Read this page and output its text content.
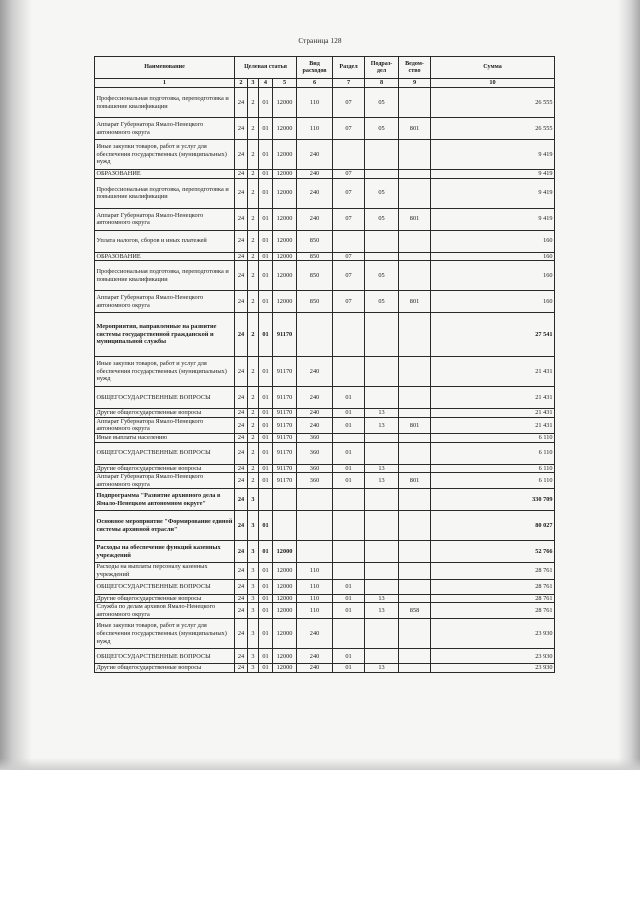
Страница 128
Наименование	Целевая статья				Вид расходов	Раздел	Подраз-дел	Ведом-ство	Сумма
1	2	3	4	5	6	7	8	9	10
Профессиональная подготовка, переподготовка и повышение квалификации	24	2	01	12000	110	07	05		26 555
Аппарат Губернатора Ямало-Ненецкого автономного округа	24	2	01	12000	110	07	05	801	26 555
Иные закупки товаров, работ и услуг для обеспечения государственных (муниципальных) нужд	24	2	01	12000	240				9 419
ОБРАЗОВАНИЕ	24	2	01	12000	240	07			9 419
Профессиональная подготовка, переподготовка и повышение квалификации	24	2	01	12000	240	07	05		9 419
Аппарат Губернатора Ямало-Ненецкого автономного округа	24	2	01	12000	240	07	05	801	9 419
Уплата налогов, сборов и иных платежей	24	2	01	12000	850				160
ОБРАЗОВАНИЕ	24	2	01	12000	850	07			160
Профессиональная подготовка, переподготовка и повышение квалификации	24	2	01	12000	850	07	05		160
Аппарат Губернатора Ямало-Ненецкого автономного округа	24	2	01	12000	850	07	05	801	160
Мероприятия, направленные на развитие системы государственной гражданской и муниципальной службы	24	2	01	91170					27 541
Иные закупки товаров, работ и услуг для обеспечения государственных (муниципальных) нужд	24	2	01	91170	240				21 431
ОБЩЕГОСУДАРСТВЕННЫЕ ВОПРОСЫ	24	2	01	91170	240	01			21 431
Другие общегосударственные вопросы	24	2	01	91170	240	01	13		21 431
Аппарат Губернатора Ямало-Ненецкого автономного округа	24	2	01	91170	240	01	13	801	21 431
Иные выплаты населению	24	2	01	91170	360				6 110
ОБЩЕГОСУДАРСТВЕННЫЕ ВОПРОСЫ	24	2	01	91170	360	01			6 110
Другие общегосударственные вопросы	24	2	01	91170	360	01	13		6 110
Аппарат Губернатора Ямало-Ненецкого автономного округа	24	2	01	91170	360	01	13	801	6 110
Подпрограмма "Развитие архивного дела в Ямало-Ненецком автономном округе"	24	3							330 709
Основное мероприятие "Формирование единой системы архивной отрасли"	24	3	01						80 027
Расходы на обеспечение функций казенных учреждений	24	3	01	12000					52 766
Расходы на выплаты персоналу казенных учреждений	24	3	01	12000	110				28 761
ОБЩЕГОСУДАРСТВЕННЫЕ ВОПРОСЫ	24	3	01	12000	110	01			28 761
Другие общегосударственные вопросы	24	3	01	12000	110	01	13		28 761
Служба по делам архивов Ямало-Ненецкого автономного округа	24	3	01	12000	110	01	13	858	28 761
Иные закупки товаров, работ и услуг для обеспечения государственных (муниципальных) нужд	24	3	01	12000	240				23 930
ОБЩЕГОСУДАРСТВЕННЫЕ ВОПРОСЫ	24	3	01	12000	240	01			23 930
Другие общегосударственные вопросы	24	3	01	12000	240	01	13		23 930
